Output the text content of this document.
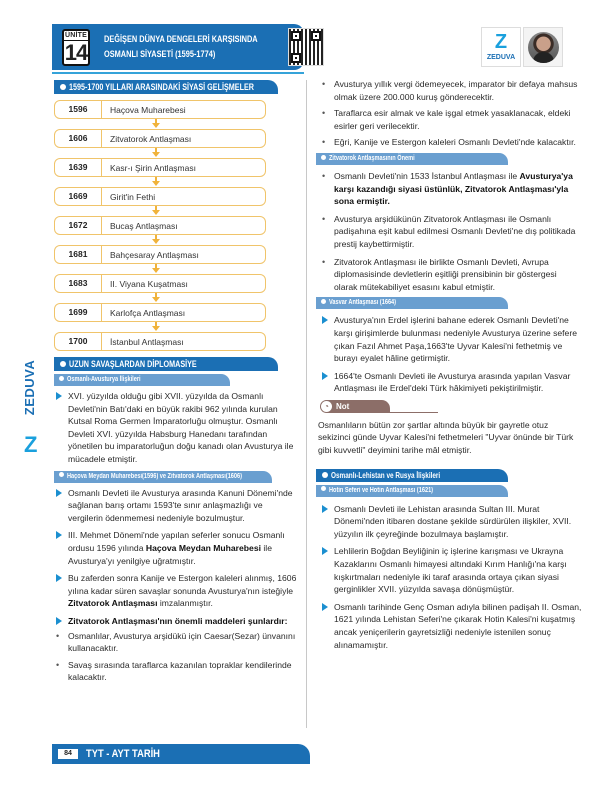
ÜNİTE
14
DEĞİŞEN DÜNYA DENGELERİ KARŞISINDA
OSMANLI SİYASETİ (1595-1774)
Z
ZEDUVA
ZEDUVA
Z
1595-1700 YILLARI ARASINDAKİ SİYASİ GELİŞMELER
1596	Haçova Muharebesi
1606	Zitvatorok Antlaşması
1639	Kasr-ı Şirin Antlaşması
1669	Girit'in Fethi
1672	Bucaş Antlaşması
1681	Bahçesaray Antlaşması
1683	II. Viyana Kuşatması
1699	Karlofça Antlaşması
1700	İstanbul Antlaşması
UZUN SAVAŞLARDAN DİPLOMASİYE
Osmanlı-Avusturya İlişkileri
XVI. yüzyılda olduğu gibi XVII. yüzyılda da Osmanlı Devleti'nin Batı'daki en büyük rakibi 962 yılında kurulan Kutsal Roma Germen İmparatorluğu olmuştur. Osmanlı Devleti XVI. yüzyılda Habsburg Hanedanı tarafından yönetilen bu imparatorluğun doğu kanadı olan Avusturya ile mücadele etmiştir.
Haçova Meydan Muharebesi(1596) ve Zitvatorok Antlaşması(1606)
Osmanlı Devleti ile Avusturya arasında Kanuni Dönemi'nde sağlanan barış ortamı 1593'te sınır anlaşmazlığı ve vergilerin ödenmemesi nedeniyle bozulmuştur.
III. Mehmet Dönemi'nde yapılan seferler sonucu Osmanlı ordusu 1596 yılında Haçova Meydan Muharebesi ile Avusturya'yı yenilgiye uğratmıştır.
Bu zaferden sonra Kanije ve Estergon kaleleri alınmış, 1606 yılına kadar süren savaşlar sonunda Avusturya'nın isteğiyle Zitvatorok Antlaşması imzalanmıştır.
Zitvatorok Antlaşması'nın önemli maddeleri şunlardır:
• Osmanlılar, Avusturya arşidükü için Caesar(Sezar) ünvanını kullanacaktır.
• Savaş sırasında taraflarca kazanılan topraklar kendilerinde kalacaktır.
• Avusturya yıllık vergi ödemeyecek, imparator bir defaya mahsus olmak üzere 200.000 kuruş gönderecektir.
• Taraflarca esir almak ve kale işgal etmek yasaklanacak, eldeki esirler geri verilecektir.
• Eğri, Kanije ve Estergon kaleleri Osmanlı Devleti'nde kalacaktır.
Zitvatorok Antlaşmasının Önemi
• Osmanlı Devleti'nin 1533 İstanbul Antlaşması ile Avusturya'ya karşı kazandığı siyasi üstünlük, Zitvatorok Antlaşması'yla sona ermiştir.
• Avusturya arşidükünün Zitvatorok Antlaşması ile Osmanlı padişahına eşit kabul edilmesi Osmanlı Devleti'ne dış politikada prestij kaybettirmiştir.
• Zitvatorok Antlaşması ile birlikte Osmanlı Devleti, Avrupa diplomasisinde devletlerin eşitliği prensibinin bir göstergesi olarak mütekabiliyet esasını kabul etmiştir.
Vasvar Antlaşması (1664)
Avusturya'nın Erdel işlerini bahane ederek Osmanlı Devleti'ne karşı girişimlerde bulunması nedeniyle Avusturya üzerine sefere çıkan Fazıl Ahmet Paşa,1663'te Uyvar Kalesi'ni fethetmiş ve burayı eyalet hâline getirmiştir.
1664'te Osmanlı Devleti ile Avusturya arasında yapılan Vasvar Antlaşması ile Erdel'deki Türk hâkimiyeti pekiştirilmiştir.
◔ Not
Osmanlıların bütün zor şartlar altında büyük bir gayretle otuz sekizinci günde Uyvar Kalesi'ni fethetmeleri "Uyvar önünde bir Türk gibi kuvvetli" deyimini tarihe mâl etmiştir.
Osmanlı-Lehistan ve Rusya İlişkileri
Hotin Seferi ve Hotin Antlaşması (1621)
Osmanlı Devleti ile Lehistan arasında Sultan III. Murat Dönemi'nden itibaren dostane şekilde sürdürülen ilişkiler, XVII. yüzyılın ilk çeyreğinde bozulmaya başlamıştır.
Lehlilerin Boğdan Beyliğinin iç işlerine karışması ve Ukrayna Kazaklarını Osmanlı himayesi altındaki Kırım Hanlığı'na karşı kışkırtmaları nedeniyle iki taraf arasında ortaya çıkan siyasi gerginlikler XVII. yüzyılda savaşa dönüşmüştür.
Osmanlı tarihinde Genç Osman adıyla bilinen padişah II. Osman, 1621 yılında Lehistan Seferi'ne çıkarak Hotin Kalesi'ni kuşatmış ancak yeniçerilerin gayretsizliği nedeniyle istenilen sonuç alınamamıştır.
84	TYT - AYT TARİH
